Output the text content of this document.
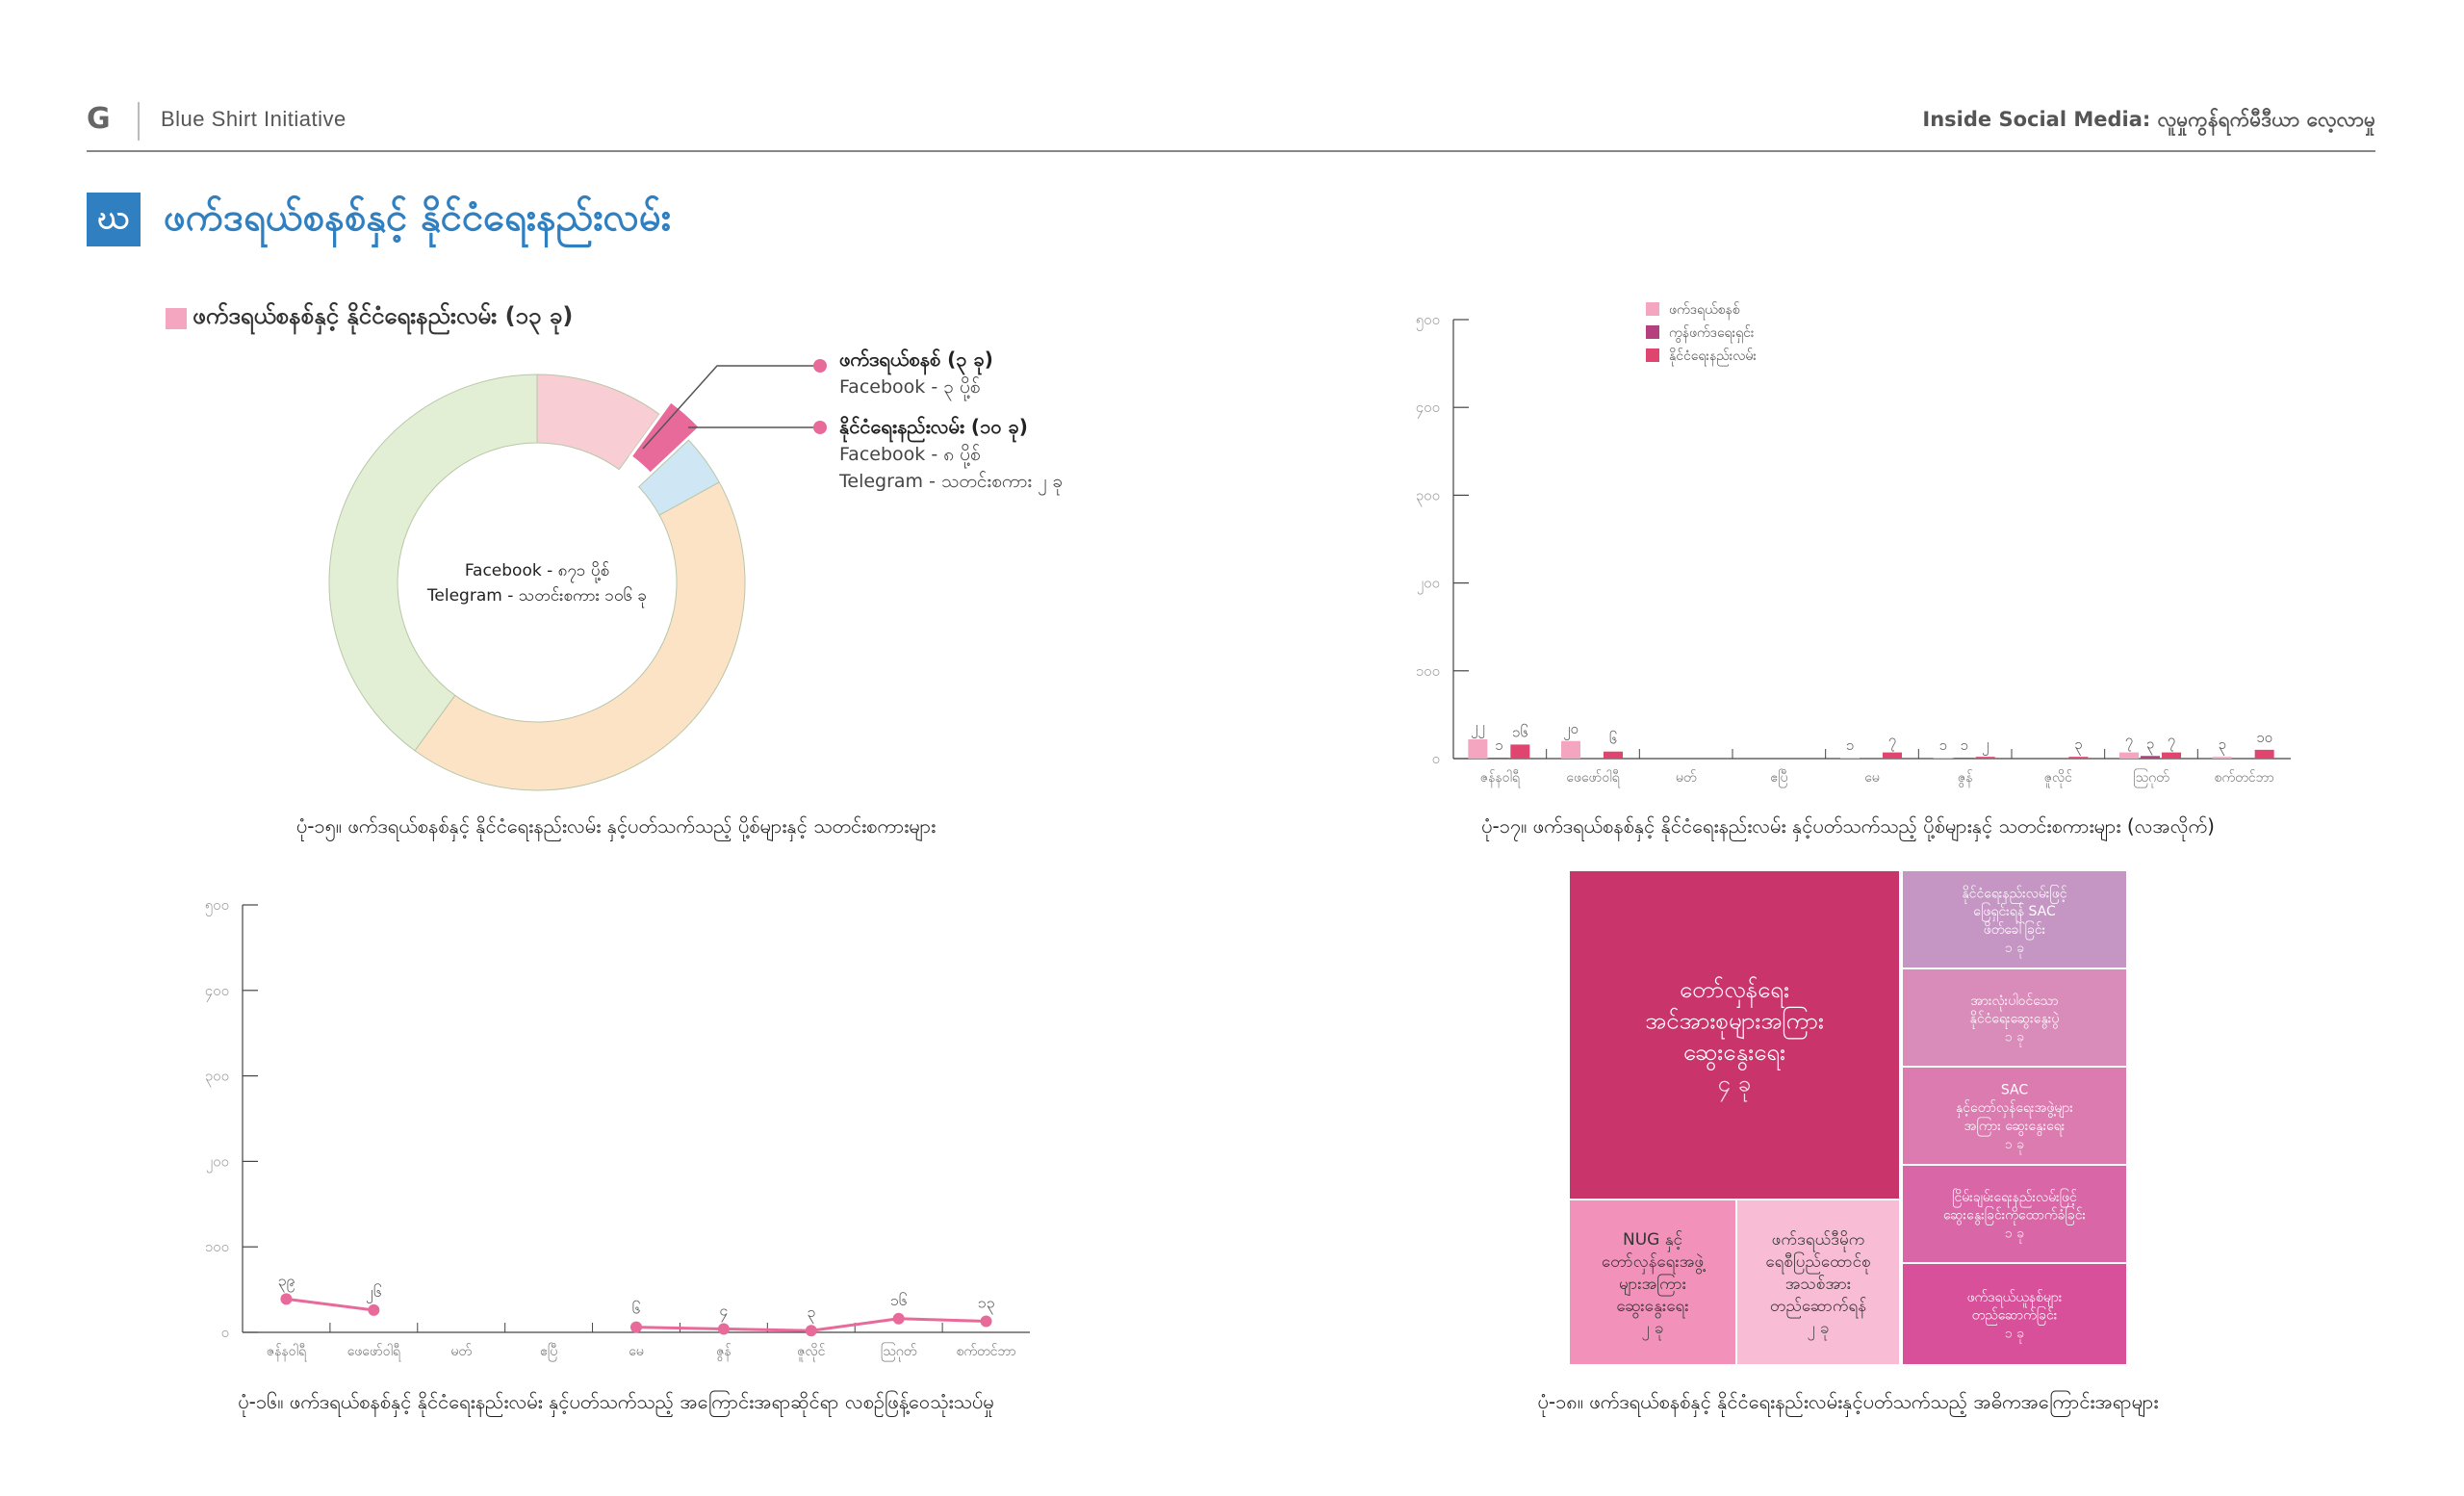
G Blue Shirt Initiative	Inside Social Media: လူမှုကွန်ရက်မီဒီယာ လေ့လာမှု
ဃ ဖက်ဒရယ်စနစ်နှင့် နိုင်ငံရေးနည်းလမ်း
ဖက်ဒရယ်စနစ်နှင့် နိုင်ငံရေးနည်းလမ်း (၁၃ ခု)
Facebook - ၈၇၁ ပို့စ်
Telegram - သတင်းစကား ၁၀၆ ခု
ဖက်ဒရယ်စနစ် (၃ ခု)
Facebook - ၃ ပို့စ်
နိုင်ငံရေးနည်းလမ်း (၁၀ ခု)
Facebook - ၈ ပို့စ်
Telegram - သတင်းစကား ၂ ခု
ပုံ-၁၅။ ဖက်ဒရယ်စနစ်နှင့် နိုင်ငံရေးနည်းလမ်း နှင့်ပတ်သက်သည့် ပို့စ်များနှင့် သတင်းစကားများ
၀
၁၀၀
၂၀၀
၃၀၀
၄၀၀
၅၀၀
ဇန်နဝါရီ	ဖေဖော်ဝါရီ	မတ်	ဧပြီ	မေ	ဇွန်	ဇူလိုင်	ဩဂုတ်	စက်တင်ဘာ
၂၂
၁
၁၆ ၂၀
၆	၁ ၇	၁ ၁ ၂	၃	၇ ၃ ၇	၃ ၁၀
ဖက်ဒရယ်စနစ်
ကွန်ဖက်ဒရေးရှင်း
နိုင်ငံရေးနည်းလမ်း
ပုံ-၁၇။ ဖက်ဒရယ်စနစ်နှင့် နိုင်ငံရေးနည်းလမ်း နှင့်ပတ်သက်သည့် ပို့စ်များနှင့် သတင်းစကားများ (လအလိုက်)
၀
၁၀၀
၂၀၀
၃၀၀
၄၀၀
၅၀၀
ဇန်နဝါရီ	ဖေဖော်ဝါရီ	မတ်	ဧပြီ	မေ	ဇွန်	ဇူလိုင်	ဩဂုတ်	စက်တင်ဘာ
၃၉
၂၆
၆	၄	၃
၁၆	၁၃
ပုံ-၁၆။ ဖက်ဒရယ်စနစ်နှင့် နိုင်ငံရေးနည်းလမ်း နှင့်ပတ်သက်သည့် အကြောင်းအရာဆိုင်ရာ လစဉ်ဖြန့်ဝေသုံးသပ်မှု
တော်လှန်ရေးအင်အားစုများအကြားဆွေးနွေးရေး
၄ ခု
NUG နှင့်တော်လှန်ရေးအဖွဲ့များအကြားဆွေးနွေးရေး
၂ ခု
ဖက်ဒရယ်ဒီမိုကရေစီပြည်ထောင်စုအသစ်အားတည်ဆောက်ရန်
၂ ခု
နိုင်ငံရေးနည်းလမ်းဖြင့်ဖြေရှင်းရန် SAC ဖိတ်ခေါ်ခြင်း
၁ ခု
အားလုံးပါဝင်သောနိုင်ငံရေးဆွေးနွေးပွဲ
၁ ခု
SAC နှင့်တော်လှန်ရေးအဖွဲ့များအကြား ဆွေးနွေးရေး
၁ ခု
ငြိမ်းချမ်းရေးနည်းလမ်းဖြင့်ဆွေးနွေးခြင်းကိုထောက်ခံခြင်း
၁ ခု
ဖက်ဒရယ်ယူနစ်များတည်ဆောက်ခြင်း
၁ ခု
ပုံ-၁၈။ ဖက်ဒရယ်စနစ်နှင့် နိုင်ငံရေးနည်းလမ်းနှင့်ပတ်သက်သည့် အဓိကအကြောင်းအရာများ
